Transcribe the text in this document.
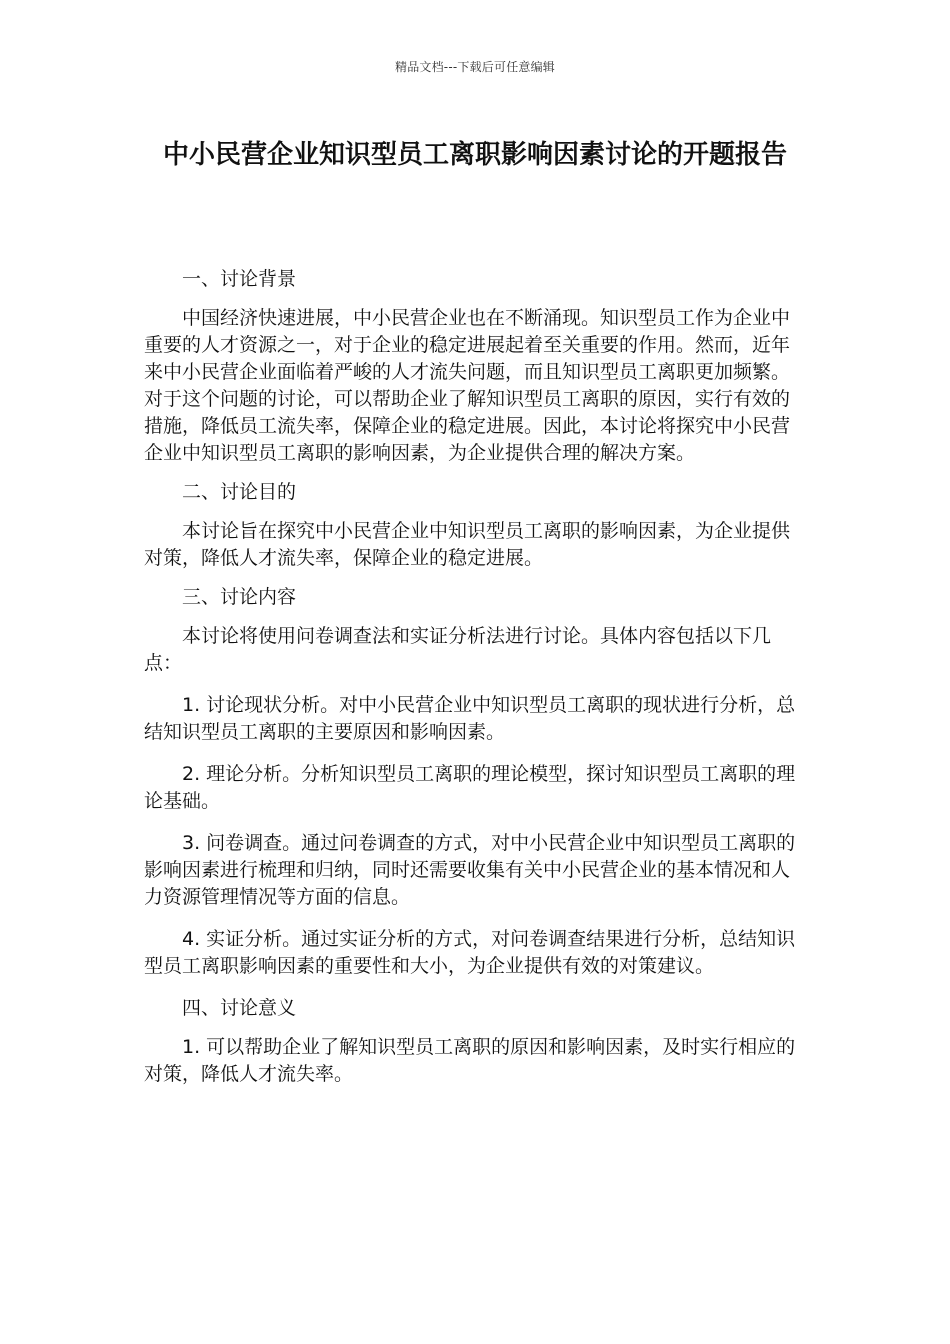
精品文档---下载后可任意编辑
中小民营企业知识型员工离职影响因素讨论的开题报告

一、讨论背景

中国经济快速进展，中小民营企业也在不断涌现。知识型员工作为企业中重要的人才资源之一，对于企业的稳定进展起着至关重要的作用。然而，近年来中小民营企业面临着严峻的人才流失问题，而且知识型员工离职更加频繁。对于这个问题的讨论，可以帮助企业了解知识型员工离职的原因，实行有效的措施，降低员工流失率，保障企业的稳定进展。因此，本讨论将探究中小民营企业中知识型员工离职的影响因素，为企业提供合理的解决方案。

二、讨论目的

本讨论旨在探究中小民营企业中知识型员工离职的影响因素，为企业提供对策，降低人才流失率，保障企业的稳定进展。

三、讨论内容

本讨论将使用问卷调查法和实证分析法进行讨论。具体内容包括以下几点：

1. 讨论现状分析。对中小民营企业中知识型员工离职的现状进行分析，总结知识型员工离职的主要原因和影响因素。

2. 理论分析。分析知识型员工离职的理论模型，探讨知识型员工离职的理论基础。

3. 问卷调查。通过问卷调查的方式，对中小民营企业中知识型员工离职的影响因素进行梳理和归纳，同时还需要收集有关中小民营企业的基本情况和人力资源管理情况等方面的信息。

4. 实证分析。通过实证分析的方式，对问卷调查结果进行分析，总结知识型员工离职影响因素的重要性和大小，为企业提供有效的对策建议。

四、讨论意义

1. 可以帮助企业了解知识型员工离职的原因和影响因素，及时实行相应的对策，降低人才流失率。
